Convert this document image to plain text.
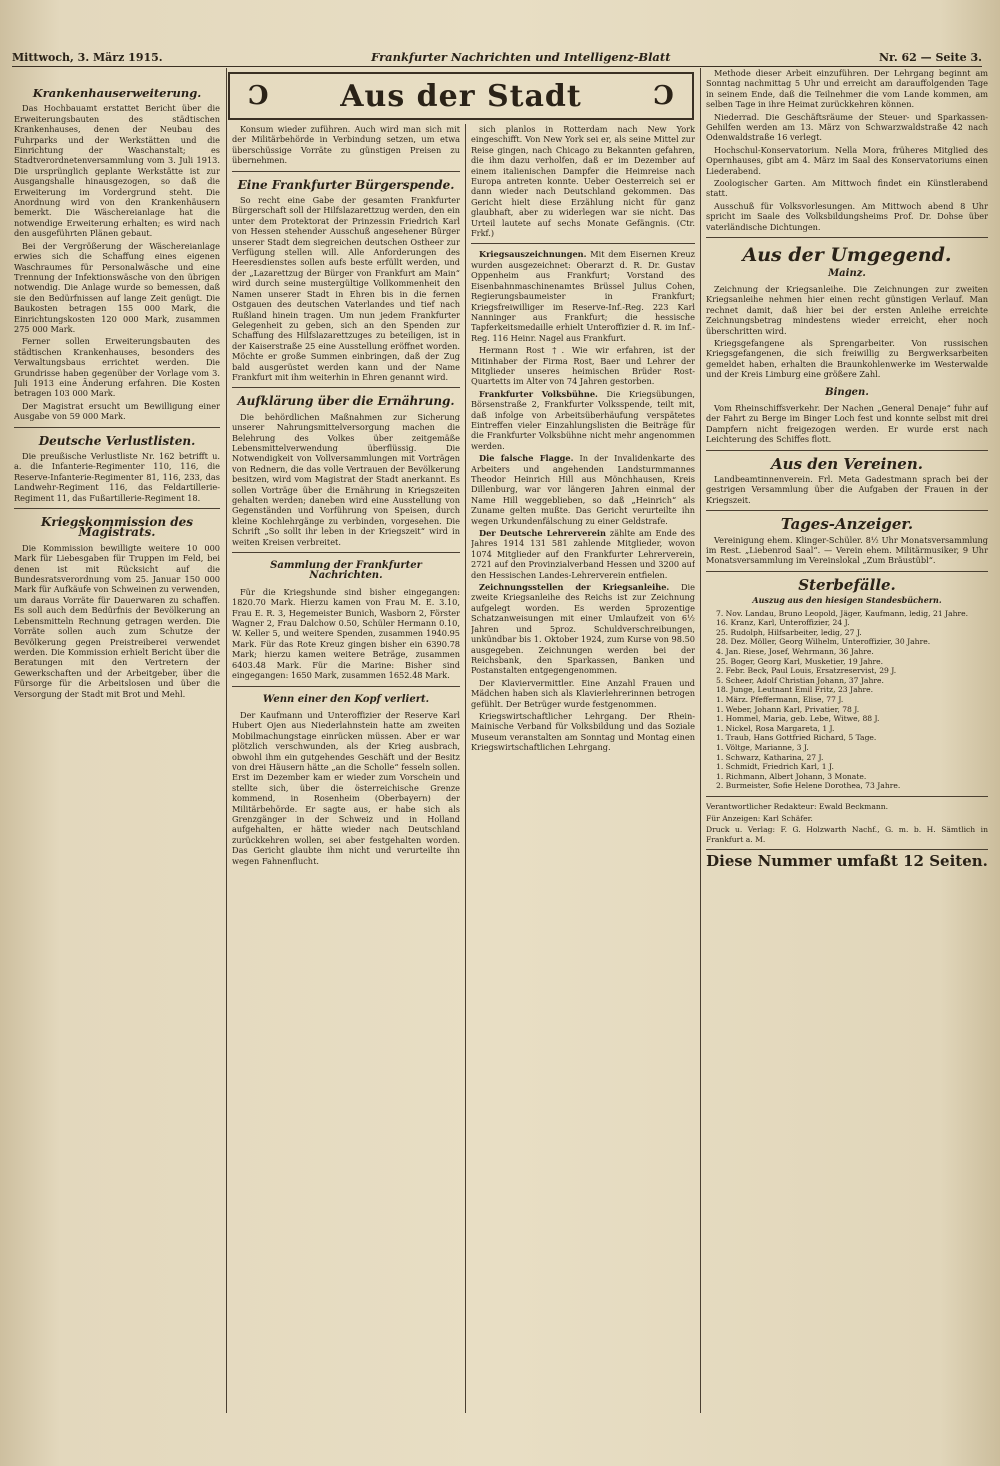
Mittwoch, 3. März 1915.	Frankfurter Nachrichten und Intelligenz-Blatt	Nr. 62 — Seite 3.
Ɔ Aus der Stadt	Ɔ
Krankenhauserweiterung.

Das Hochbauamt erstattet Bericht über die Erweiterungsbauten des städtischen Krankenhauses, denen der Neubau des Fuhrparks und der Werkstätten und die Einrichtung der Waschanstalt; es Stadtverordnetenversammlung vom 3. Juli 1913. Die ursprünglich geplante Werkstätte ist zur Ausgangshalle hinausgezogen, so daß die Erweiterung im Vordergrund steht. Die Anordnung wird von den Krankenhäusern bemerkt. Die Wäschereianlage hat die notwendige Erweiterung erhalten; es wird nach den ausgeführten Plänen gebaut.

Bei der Vergrößerung der Wäschereianlage erwies sich die Schaffung eines eigenen Waschraumes für Personalwäsche und eine Trennung der Infektionswäsche von den übrigen notwendig. Die Anlage wurde so bemessen, daß sie den Bedürfnissen auf lange Zeit genügt. Die Baukosten betragen 155 000 Mark, die Einrichtungskosten 120 000 Mark, zusammen 275 000 Mark.

Ferner sollen Erweiterungsbauten des städtischen Krankenhauses, besonders des Verwaltungsbaus errichtet werden. Die Grundrisse haben gegenüber der Vorlage vom 3. Juli 1913 eine Änderung erfahren. Die Kosten betragen 103 000 Mark.

Der Magistrat ersucht um Bewilligung einer Ausgabe von 59 000 Mark.

Deutsche Verlustlisten.

Die preußische Verlustliste Nr. 162 betrifft u. a. die Infanterie-Regimenter 110, 116, die Reserve-Infanterie-Regimenter 81, 116, 233, das Landwehr-Regiment 116, das Feldartillerie-Regiment 11, das Fußartillerie-Regiment 18.

Kriegskommission des Magistrats.

Die Kommission bewilligte weitere 10 000 Mark für Liebesgaben für Truppen im Feld, bei denen ist mit Rücksicht auf die Bundesratsverordnung vom 25. Januar 150 000 Mark für Aufkäufe von Schweinen zu verwenden, um daraus Vorräte für Dauerwaren zu schaffen. Es soll auch dem Bedürfnis der Bevölkerung an Lebensmitteln Rechnung getragen werden. Die Vorräte sollen auch zum Schutze der Bevölkerung gegen Preistreiberei verwendet werden. Die Kommission erhielt Bericht über die Beratungen mit den Vertretern der Gewerkschaften und der Arbeitgeber, über die Fürsorge für die Arbeitslosen und über die Versorgung der Stadt mit Brot und Mehl.

Konsum wieder zuführen. Auch wird man sich mit der Militärbehörde in Verbindung setzen, um etwa überschüssige Vorräte zu günstigen Preisen zu übernehmen.

Eine Frankfurter Bürgerspende.

So recht eine Gabe der gesamten Frankfurter Bürgerschaft soll der Hilfslazarettzug werden, den ein unter dem Protektorat der Prinzessin Friedrich Karl von Hessen stehender Ausschuß angesehener Bürger unserer Stadt dem siegreichen deutschen Ostheer zur Verfügung stellen will. Alle Anforderungen des Heeresdienstes sollen aufs beste erfüllt werden, und der „Lazarettzug der Bürger von Frankfurt am Main“ wird durch seine mustergültige Vollkommenheit den Namen unserer Stadt in Ehren bis in die fernen Ostgauen des deutschen Vaterlandes und tief nach Rußland hinein tragen. Um nun jedem Frankfurter Gelegenheit zu geben, sich an den Spenden zur Schaffung des Hilfslazarettzuges zu beteiligen, ist in der Kaiserstraße 25 eine Ausstellung eröffnet worden. Möchte er große Summen einbringen, daß der Zug bald ausgerüstet werden kann und der Name Frankfurt mit ihm weiterhin in Ehren genannt wird.

Aufklärung über die Ernährung.

Die behördlichen Maßnahmen zur Sicherung unserer Nahrungsmittelversorgung machen die Belehrung des Volkes über zeitgemäße Lebensmittelverwendung überflüssig. Die Notwendigkeit von Vollversammlungen mit Vorträgen von Rednern, die das volle Vertrauen der Bevölkerung besitzen, wird vom Magistrat der Stadt anerkannt. Es sollen Vorträge über die Ernährung in Kriegszeiten gehalten werden; daneben wird eine Ausstellung von Gegenständen und Vorführung von Speisen, durch kleine Kochlehrgänge zu verbinden, vorgesehen. Die Schrift „So sollt ihr leben in der Kriegszeit“ wird in weiten Kreisen verbreitet.

Sammlung der Frankfurter Nachrichten.

Für die Kriegshunde sind bisher eingegangen: 1820.70 Mark. Hierzu kamen von Frau M. E. 3.10, Frau E. R. 3, Hegemeister Bunich, Wasborn 2, Förster Wagner 2, Frau Dalchow 0.50, Schüler Hermann 0.10, W. Keller 5, und weitere Spenden, zusammen 1940.95 Mark. Für das Rote Kreuz gingen bisher ein 6390.78 Mark; hierzu kamen weitere Beträge, zusammen 6403.48 Mark. Für die Marine: Bisher sind eingegangen: 1650 Mark, zusammen 1652.48 Mark.

Wenn einer den Kopf verliert.

Der Kaufmann und Unteroffizier der Reserve Karl Hubert Ojen aus Niederlahnstein hatte am zweiten Mobilmachungstage einrücken müssen. Aber er war plötzlich verschwunden, als der Krieg ausbrach, obwohl ihm ein gutgehendes Geschäft und der Besitz von drei Häusern hätte „an die Scholle“ fesseln sollen. Erst im Dezember kam er wieder zum Vorschein und stellte sich, über die österreichische Grenze kommend, in Rosenheim (Oberbayern) der Militärbehörde. Er sagte aus, er habe sich als Grenzgänger in der Schweiz und in Holland aufgehalten, er hätte wieder nach Deutschland zurückkehren wollen, sei aber festgehalten worden. Das Gericht glaubte ihm nicht und verurteilte ihn wegen Fahnenflucht.

sich planlos in Rotterdam nach New York eingeschifft. Von New York sei er, als seine Mittel zur Reise gingen, nach Chicago zu Bekannten gefahren, die ihm dazu verholfen, daß er im Dezember auf einem italienischen Dampfer die Heimreise nach Europa antreten konnte. Ueber Oesterreich sei er dann wieder nach Deutschland gekommen. Das Gericht hielt diese Erzählung nicht für ganz glaubhaft, aber zu widerlegen war sie nicht. Das Urteil lautete auf sechs Monate Gefängnis. (Ctr. Frkf.)

Kriegsauszeichnungen. Mit dem Eisernen Kreuz wurden ausgezeichnet: Oberarzt d. R. Dr. Gustav Oppenheim aus Frankfurt; Vorstand des Eisenbahnmaschinenamtes Brüssel Julius Cohen, Regierungsbaumeister in Frankfurt; Kriegsfreiwilliger im Reserve-Inf.-Reg. 223 Karl Nanninger aus Frankfurt; die hessische Tapferkeitsmedaille erhielt Unteroffizier d. R. im Inf.-Reg. 116 Heinr. Nagel aus Frankfurt.

Hermann Rost †. Wie wir erfahren, ist der Mitinhaber der Firma Rost, Baer und Lehrer der Mitglieder unseres heimischen Brüder Rost-Quartetts im Alter von 74 Jahren gestorben.

Frankfurter Volksbühne. Die Kriegsübungen, Börsenstraße 2, Frankfurter Volksspende, teilt mit, daß infolge von Arbeitsüberhäufung verspätetes Eintreffen vieler Einzahlungslisten die Beiträge für die Frankfurter Volksbühne nicht mehr angenommen werden.

Die falsche Flagge. In der Invalidenkarte des Arbeiters und angehenden Landsturmmannes Theodor Heinrich Hill aus Mönchhausen, Kreis Dillenburg, war vor längeren Jahren einmal der Name Hill weggeblieben, so daß „Heinrich“ als Zuname gelten mußte. Das Gericht verurteilte ihn wegen Urkundenfälschung zu einer Geldstrafe.

Der Deutsche Lehrerverein zählte am Ende des Jahres 1914 131 581 zahlende Mitglieder, wovon 1074 Mitglieder auf den Frankfurter Lehrerverein, 2721 auf den Provinzialverband Hessen und 3200 auf den Hessischen Landes-Lehrerverein entfielen.

Zeichnungsstellen der Kriegsanleihe. Die zweite Kriegsanleihe des Reichs ist zur Zeichnung aufgelegt worden. Es werden 5prozentige Schatzanweisungen mit einer Umlaufzeit von 6½ Jahren und 5proz. Schuldverschreibungen, unkündbar bis 1. Oktober 1924, zum Kurse von 98.50 ausgegeben. Zeichnungen werden bei der Reichsbank, den Sparkassen, Banken und Postanstalten entgegengenommen.

Der Klaviervermittler. Eine Anzahl Frauen und Mädchen haben sich als Klavierlehrerinnen betrogen gefühlt. Der Betrüger wurde festgenommen.

Kriegswirtschaftlicher Lehrgang. Der Rhein-Mainische Verband für Volksbildung und das Soziale Museum veranstalten am Sonntag und Montag einen Kriegswirtschaftlichen Lehrgang.

Methode dieser Arbeit einzuführen. Der Lehrgang beginnt am Sonntag nachmittag 5 Uhr und erreicht am darauffolgenden Tage in seinem Ende, daß die Teilnehmer die vom Lande kommen, am selben Tage in ihre Heimat zurückkehren können.

Niederrad. Die Geschäftsräume der Steuer- und Sparkassen-Gehilfen werden am 13. März von Schwarzwaldstraße 42 nach Odenwaldstraße 16 verlegt.

Hochschul-Konservatorium. Nella Mora, früheres Mitglied des Opernhauses, gibt am 4. März im Saal des Konservatoriums einen Liederabend.

Zoologischer Garten. Am Mittwoch findet ein Künstlerabend statt.

Ausschuß für Volksvorlesungen. Am Mittwoch abend 8 Uhr spricht im Saale des Volksbildungsheims Prof. Dr. Dohse über vaterländische Dichtungen.

Aus der Umgegend.
Mainz.

Zeichnung der Kriegsanleihe. Die Zeichnungen zur zweiten Kriegsanleihe nehmen hier einen recht günstigen Verlauf. Man rechnet damit, daß hier bei der ersten Anleihe erreichte Zeichnungsbetrag mindestens wieder erreicht, eher noch überschritten wird.

Kriegsgefangene als Sprengarbeiter. Von russischen Kriegsgefangenen, die sich freiwillig zu Bergwerksarbeiten gemeldet haben, erhalten die Braunkohlenwerke im Westerwalde und der Kreis Limburg eine größere Zahl.

Bingen.

Vom Rheinschiffsverkehr. Der Nachen „General Denaje“ fuhr auf der Fahrt zu Berge im Binger Loch fest und konnte selbst mit drei Dampfern nicht freigezogen werden. Er wurde erst nach Leichterung des Schiffes flott.

Aus den Vereinen.

Landbeamtinnenverein. Frl. Meta Gadestmann sprach bei der gestrigen Versammlung über die Aufgaben der Frauen in der Kriegszeit.

Tages-Anzeiger.

Vereinigung ehem. Klinger-Schüler. 8½ Uhr Monatsversammlung im Rest. „Liebenrod Saal“. — Verein ehem. Militärmusiker, 9 Uhr Monatsversammlung im Vereinslokal „Zum Bräustübl“.

Sterbefälle.
Auszug aus den hiesigen Standesbüchern.

7. Nov. Landau, Bruno Leopold, Jäger, Kaufmann, ledig, 21 Jahre.

16. Kranz, Karl, Unteroffizier, 24 J.

25. Rudolph, Hilfsarbeiter, ledig, 27 J.

28. Dez. Möller, Georg Wilhelm, Unteroffizier, 30 Jahre.

4. Jan. Riese, Josef, Wehrmann, 36 Jahre.

25. Boger, Georg Karl, Musketier, 19 Jahre.

2. Febr. Beck, Paul Louis, Ersatzreservist, 29 J.

5. Scheer, Adolf Christian Johann, 37 Jahre.

18. Junge, Leutnant Emil Fritz, 23 Jahre.

1. März. Pfeffermann, Elise, 77 J.

1. Weber, Johann Karl, Privatier, 78 J.

1. Hommel, Maria, geb. Lebe, Witwe, 88 J.

1. Nickel, Rosa Margareta, 1 J.

1. Traub, Hans Gottfried Richard, 5 Tage.

1. Völtge, Marianne, 3 J.

1. Schwarz, Katharina, 27 J.

1. Schmidt, Friedrich Karl, 1 J.

1. Richmann, Albert Johann, 3 Monate.

2. Burmeister, Sofie Helene Dorothea, 73 Jahre.

Verantwortlicher Redakteur: Ewald Beckmann.

Für Anzeigen: Karl Schäfer.

Druck u. Verlag: F. G. Holzwarth Nachf., G. m. b. H. Sämtlich in Frankfurt a. M.

Diese Nummer umfaßt 12 Seiten.
